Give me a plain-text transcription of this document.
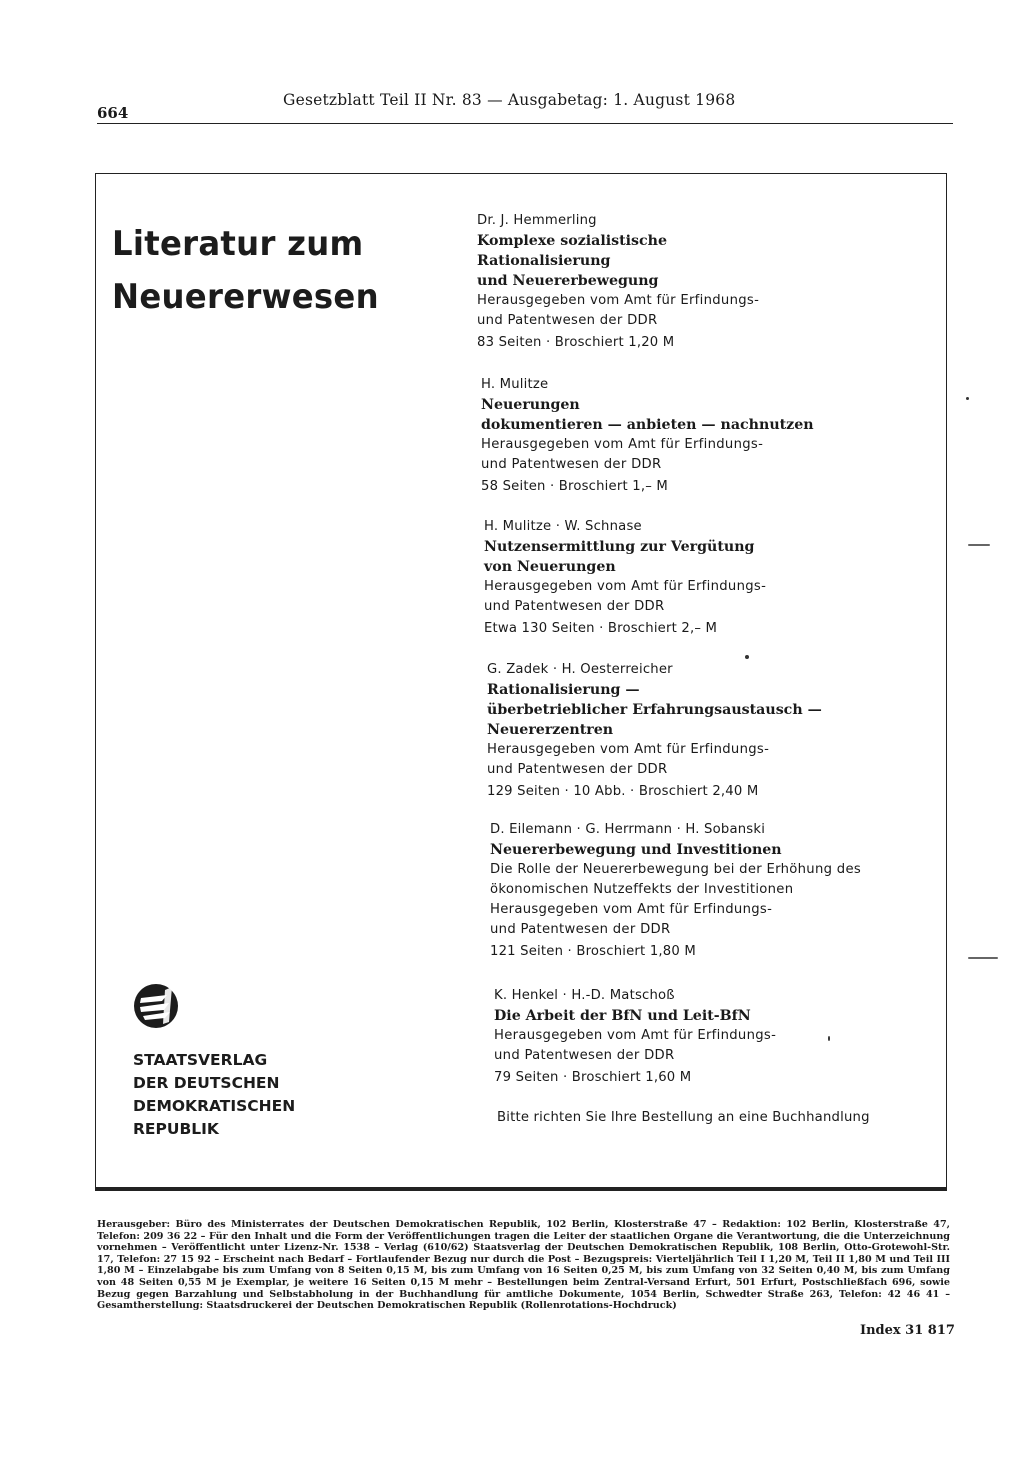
664
Gesetzblatt Teil II Nr. 83 — Ausgabetag: 1. August 1968
Literatur zum
Neuererwesen
STAATSVERLAG
DER DEUTSCHEN
DEMOKRATISCHEN
REPUBLIK
Dr. J. Hemmerling
Komplexe sozialistische
Rationalisierung
und Neuererbewegung
Herausgegeben vom Amt für Erfindungs-
und Patentwesen der DDR
83 Seiten · Broschiert 1,20 M
H. Mulitze
Neuerungen
dokumentieren — anbieten — nachnutzen
Herausgegeben vom Amt für Erfindungs-
und Patentwesen der DDR
58 Seiten · Broschiert 1,– M
H. Mulitze · W. Schnase
Nutzensermittlung zur Vergütung
von Neuerungen
Herausgegeben vom Amt für Erfindungs-
und Patentwesen der DDR
Etwa 130 Seiten · Broschiert 2,– M
G. Zadek · H. Oesterreicher
Rationalisierung —
überbetrieblicher Erfahrungsaustausch —
Neuererzentren
Herausgegeben vom Amt für Erfindungs-
und Patentwesen der DDR
129 Seiten · 10 Abb. · Broschiert 2,40 M
D. Eilemann · G. Herrmann · H. Sobanski
Neuererbewegung und Investitionen
Die Rolle der Neuererbewegung bei der Erhöhung des
ökonomischen Nutzeffekts der Investitionen
Herausgegeben vom Amt für Erfindungs-
und Patentwesen der DDR
121 Seiten · Broschiert 1,80 M
K. Henkel · H.-D. Matschoß
Die Arbeit der BfN und Leit-BfN
Herausgegeben vom Amt für Erfindungs-
und Patentwesen der DDR
79 Seiten · Broschiert 1,60 M
Bitte richten Sie Ihre Bestellung an eine Buchhandlung
Herausgeber: Büro des Ministerrates der Deutschen Demokratischen Republik, 102 Berlin, Klosterstraße 47 – Redaktion: 102 Berlin, Klosterstraße 47, Telefon: 209 36 22 – Für den Inhalt und die Form der Veröffentlichungen tragen die Leiter der staatlichen Organe die Verantwortung, die die Unterzeichnung vornehmen – Veröffentlicht unter Lizenz-Nr. 1538 – Verlag (610/62) Staatsverlag der Deutschen Demokratischen Republik, 108 Berlin, Otto-Grotewohl-Str. 17, Telefon: 27 15 92 – Erscheint nach Bedarf – Fortlaufender Bezug nur durch die Post – Bezugspreis: Vierteljährlich Teil I 1,20 M, Teil II 1,80 M und Teil III 1,80 M – Einzelabgabe bis zum Umfang von 8 Seiten 0,15 M, bis zum Umfang von 16 Seiten 0,25 M, bis zum Umfang von 32 Seiten 0,40 M, bis zum Umfang von 48 Seiten 0,55 M je Exemplar, je weitere 16 Seiten 0,15 M mehr – Bestellungen beim Zentral-Versand Erfurt, 501 Erfurt, Postschließfach 696, sowie Bezug gegen Barzahlung und Selbstabholung in der Buchhandlung für amtliche Dokumente, 1054 Berlin, Schwedter Straße 263, Telefon: 42 46 41 – Gesamtherstellung: Staatsdruckerei der Deutschen Demokratischen Republik (Rollenrotations-Hochdruck)
Index 31 817
